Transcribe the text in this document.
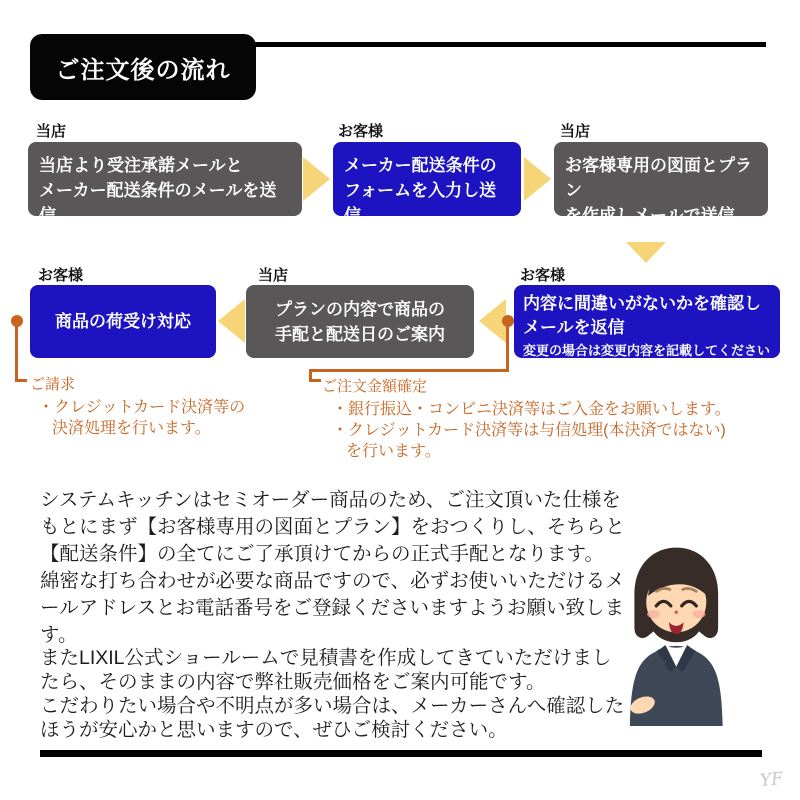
ご注文後の流れ
当店	お客様	当店
当店より受注承諾メールと
メーカー配送条件のメールを送信
メーカー配送条件の
フォームを入力し送信
お客様専用の図面とプラン
を作成しメールで送信
お客様	当店	お客様
商品の荷受け対応
プランの内容で商品の
手配と配送日のご案内
内容に間違いがないかを確認し
メールを返信
変更の場合は変更内容を記載してください
ご請求
・クレジットカード決済等の
決済処理を行います。
ご注文金額確定
・銀行振込・コンビニ決済等はご入金をお願いします。
・クレジットカード決済等は与信処理(本決済ではない)
を行います。
システムキッチンはセミオーダー商品のため、ご注文頂いた仕様を
もとにまず【お客様専用の図面とプラン】をおつくりし、そちらと
【配送条件】の全てにご了承頂けてからの正式手配となります。
綿密な打ち合わせが必要な商品ですので、必ずお使いいただけるメ
ールアドレスとお電話番号をご登録くださいますようお願い致しま
す。
またLIXIL公式ショールームで見積書を作成してきていただけまし
たら、そのままの内容で弊社販売価格をご案内可能です。
こだわりたい場合や不明点が多い場合は、メーカーさんへ確認した
ほうが安心かと思いますので、ぜひご検討ください。
YF
